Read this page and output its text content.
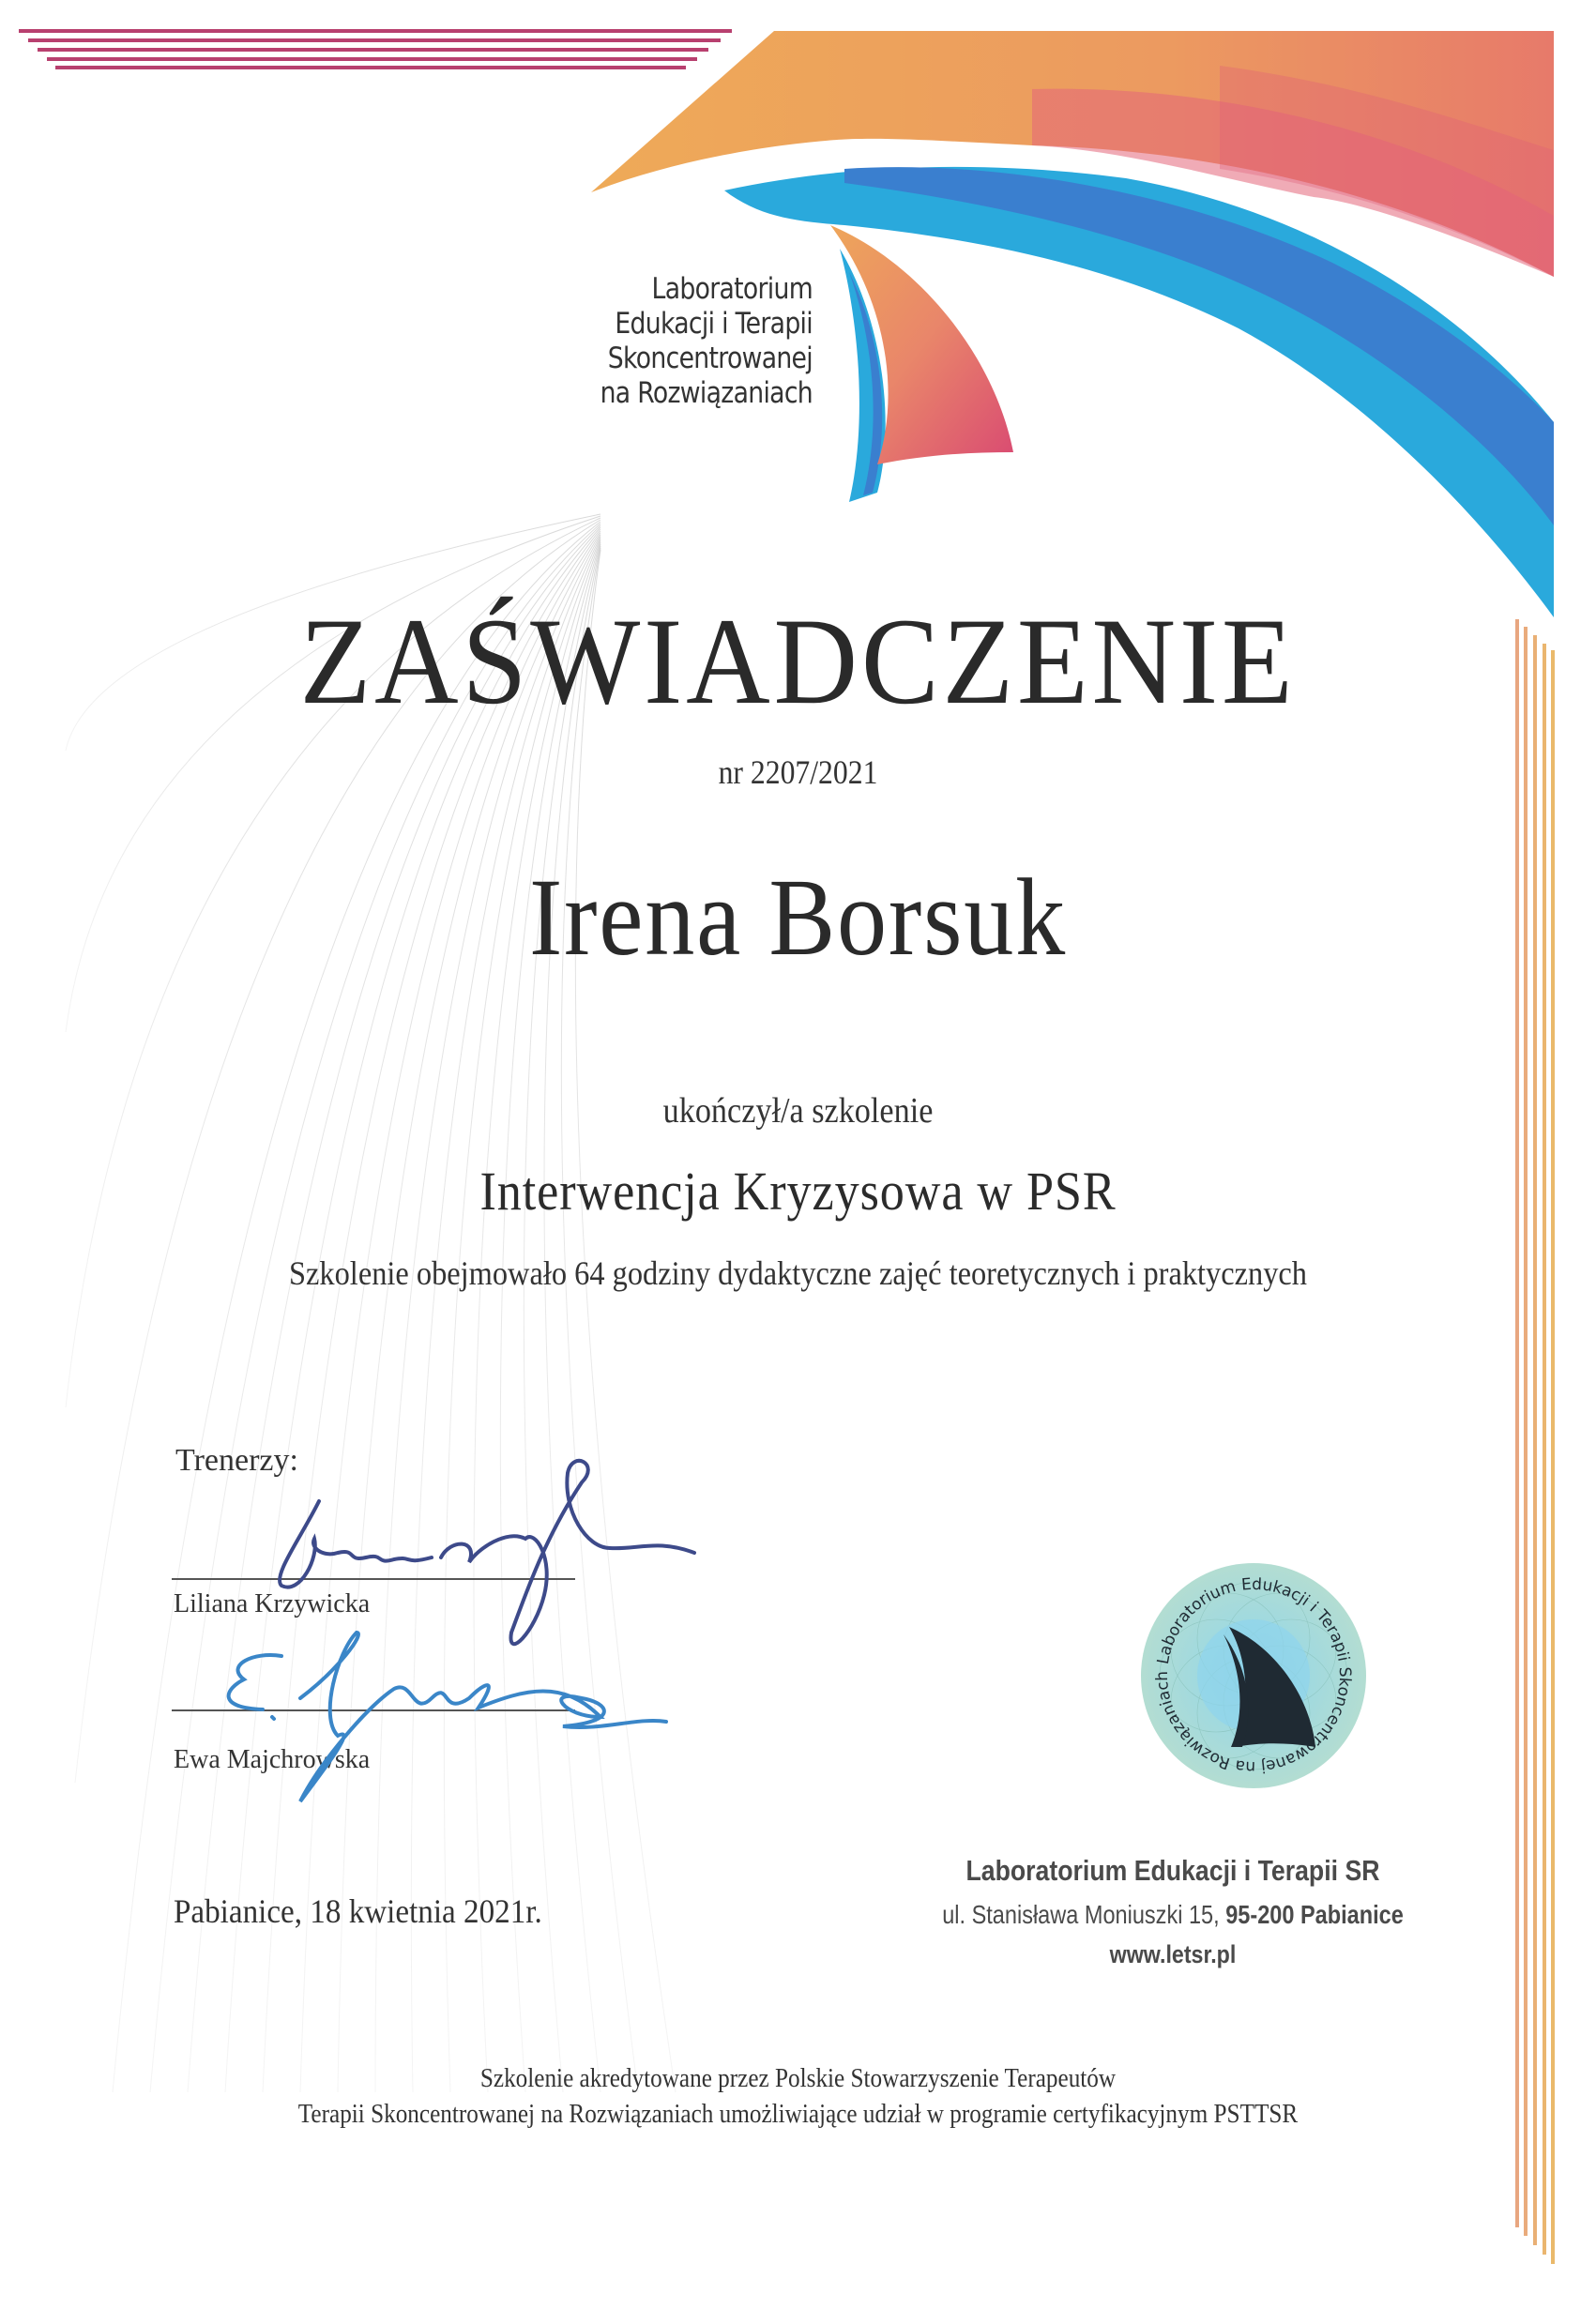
Laboratorium
Edukacji i Terapii
Skoncentrowanej
na Rozwiązaniach
ZAŚWIADCZENIE
nr 2207/2021
Irena Borsuk
ukończył/a szkolenie
Interwencja Kryzysowa w PSR
Szkolenie obejmowało 64 godziny dydaktyczne zajęć teoretycznych i praktycznych
Trenerzy:
Liliana Krzywicka
Ewa Majchrowska
Laboratorium Edukacji i Terapii Skoncentrowanej na Rozwiązaniach
Pabianice, 18 kwietnia 2021r.
Laboratorium Edukacji i Terapii SR
ul. Stanisława Moniuszki 15, 95-200 Pabianice
www.letsr.pl
Szkolenie akredytowane przez Polskie Stowarzyszenie Terapeutów
Terapii Skoncentrowanej na Rozwiązaniach umożliwiające udział w programie certyfikacyjnym PSTTSR
